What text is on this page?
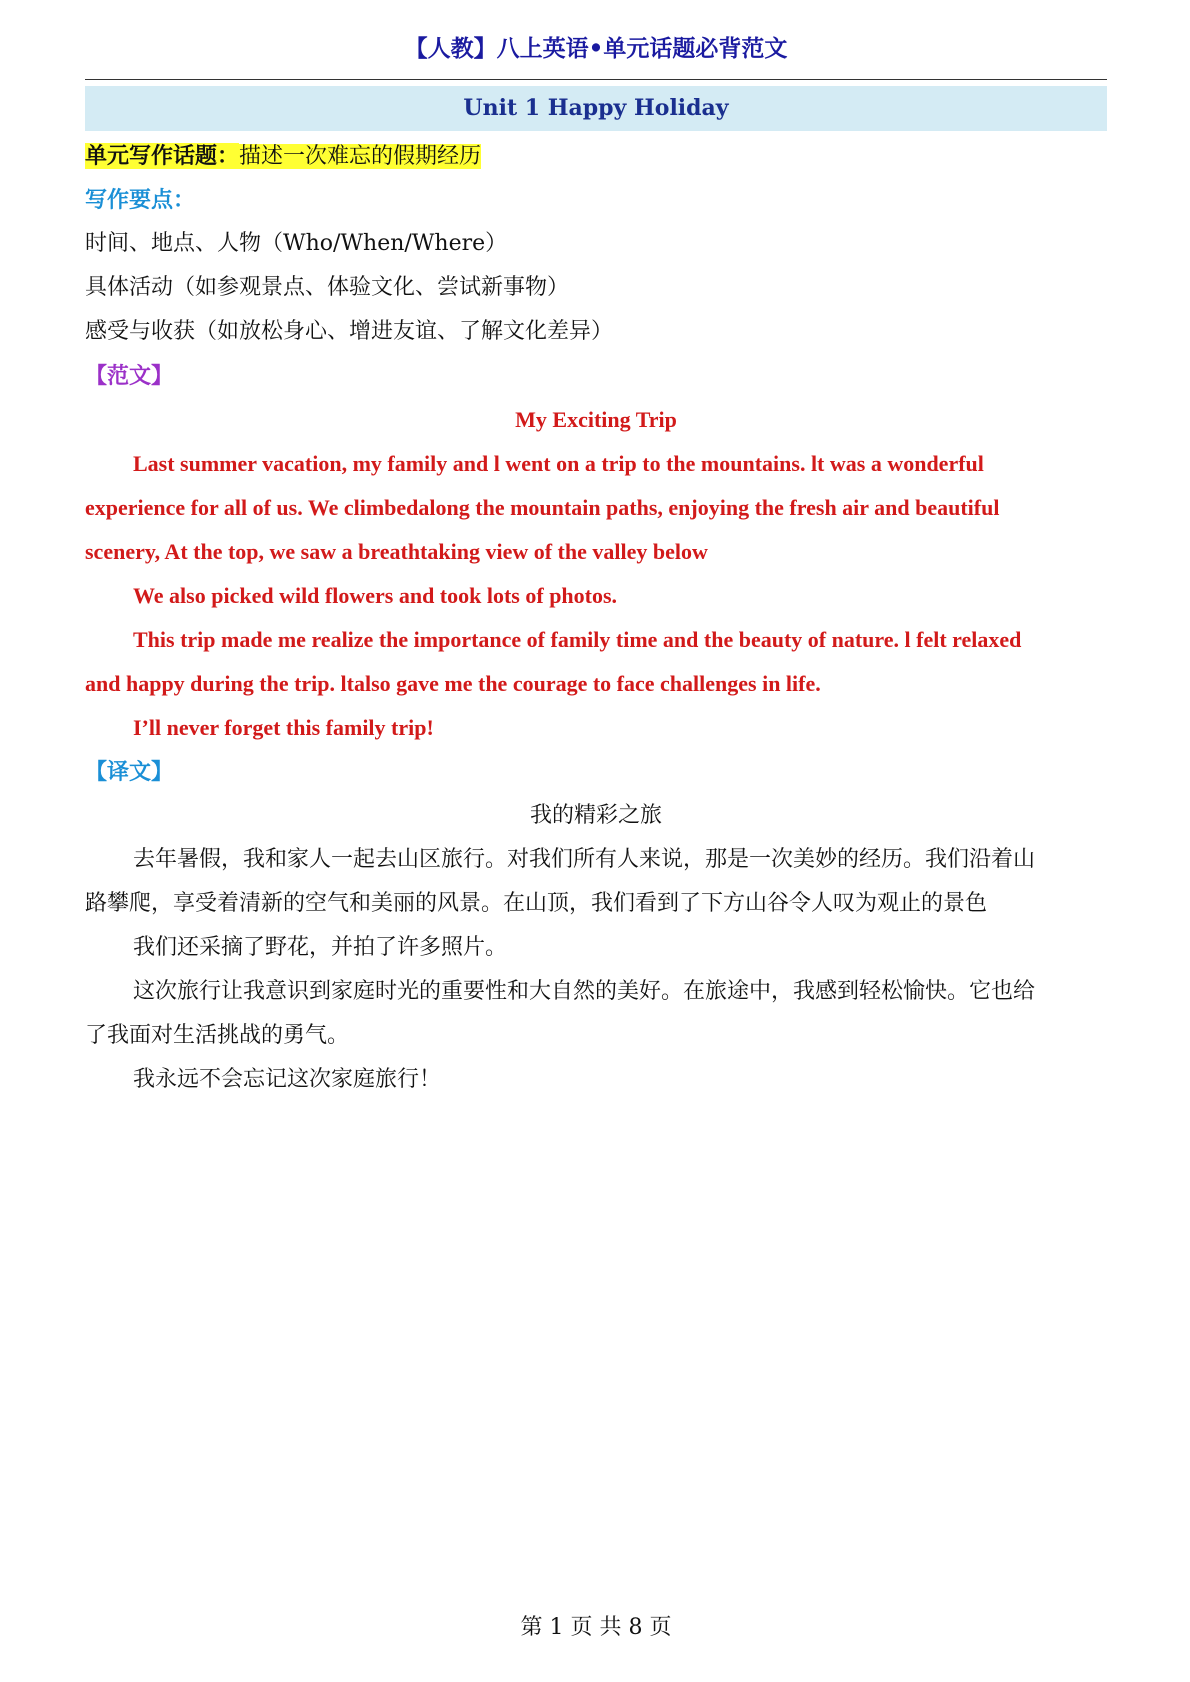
【人教】八上英语•单元话题必背范文
Unit 1 Happy Holiday
单元写作话题：描述一次难忘的假期经历
写作要点：
时间、地点、人物（Who/When/Where）
具体活动（如参观景点、体验文化、尝试新事物）
感受与收获（如放松身心、增进友谊、了解文化差异）
【范文】
My Exciting Trip
Last summer vacation, my family and l went on a trip to the mountains. lt was a wonderful
experience for all of us. We climbedalong the mountain paths, enjoying the fresh air and beautiful
scenery, At the top, we saw a breathtaking view of the valley below
We also picked wild flowers and took lots of photos.
This trip made me realize the importance of family time and the beauty of nature. l felt relaxed
and happy during the trip. ltalso gave me the courage to face challenges in life.
I’ll never forget this family trip!
【译文】
我的精彩之旅
去年暑假，我和家人一起去山区旅行。对我们所有人来说，那是一次美妙的经历。我们沿着山
路攀爬，享受着清新的空气和美丽的风景。在山顶，我们看到了下方山谷令人叹为观止的景色
我们还采摘了野花，并拍了许多照片。
这次旅行让我意识到家庭时光的重要性和大自然的美好。在旅途中，我感到轻松愉快。它也给
了我面对生活挑战的勇气。
我永远不会忘记这次家庭旅行！
第 1 页 共 8 页
